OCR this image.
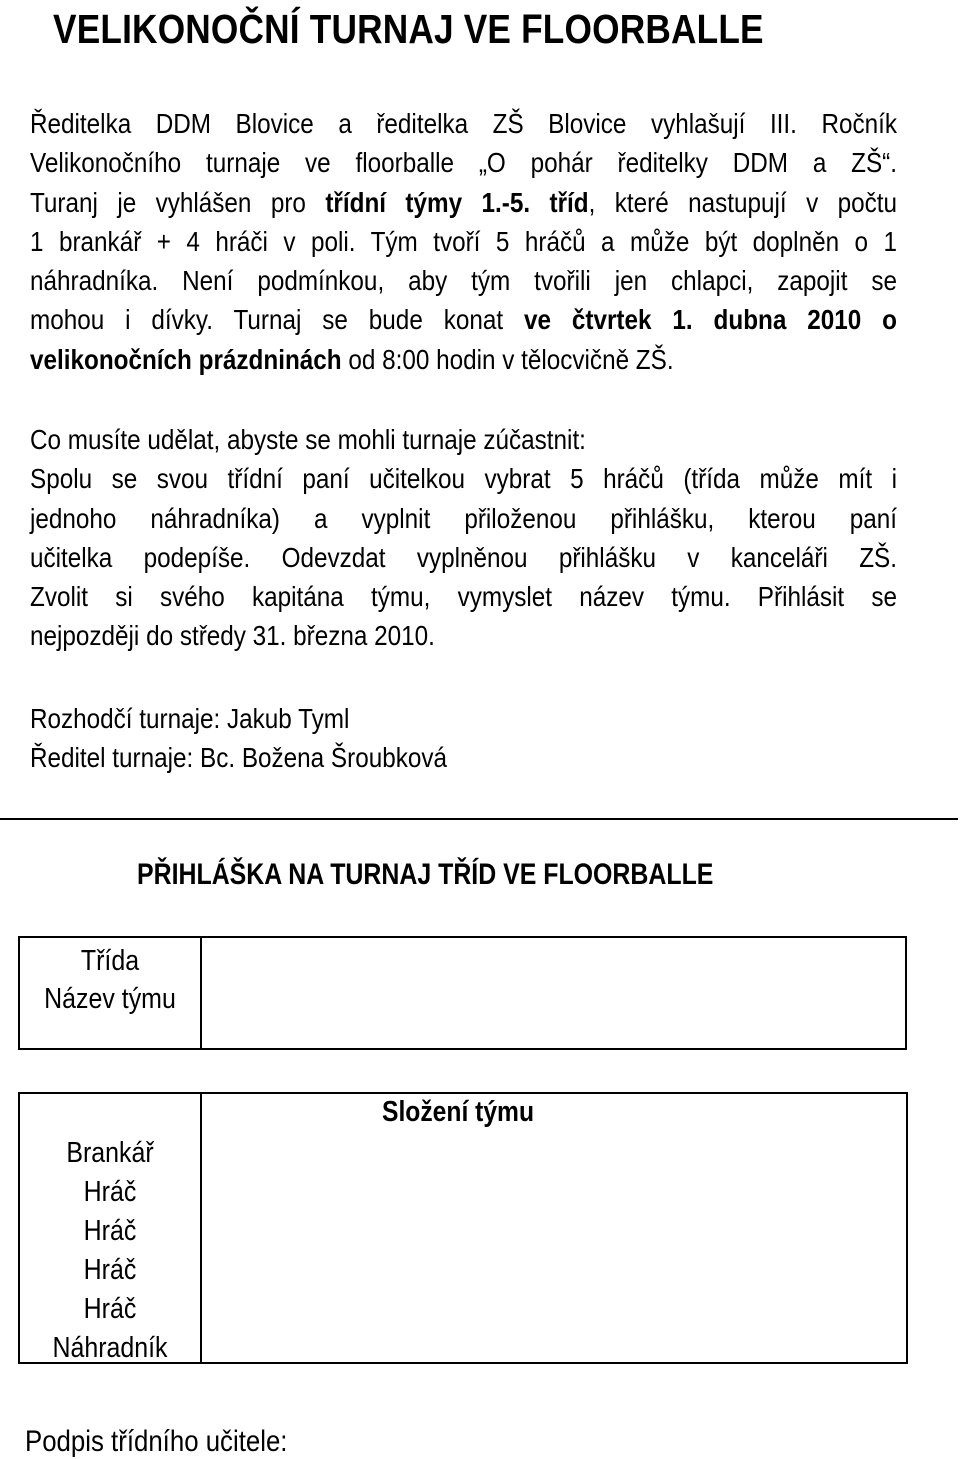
VELIKONOČNÍ TURNAJ VE FLOORBALLE
Ředitelka DDM Blovice a ředitelka ZŠ Blovice vyhlašují III. Ročník
Velikonočního turnaje ve floorballe „O pohár ředitelky DDM a ZŠ“.
Turanj je vyhlášen pro třídní týmy 1.-5. tříd, které nastupují v počtu
1 brankář + 4 hráči v poli. Tým tvoří 5 hráčů a může být doplněn o 1
náhradníka. Není podmínkou, aby tým tvořili jen chlapci, zapojit se
mohou i dívky. Turnaj se bude konat ve čtvrtek 1. dubna 2010 o
velikonočních prázdninách od 8:00 hodin v tělocvičně ZŠ.
Co musíte udělat, abyste se mohli turnaje zúčastnit:
Spolu se svou třídní paní učitelkou vybrat 5 hráčů (třída může mít i
jednoho náhradníka) a vyplnit přiloženou přihlášku, kterou paní
učitelka podepíše. Odevzdat vyplněnou přihlášku v kanceláři ZŠ.
Zvolit si svého kapitána týmu, vymyslet název týmu. Přihlásit se
nejpozději do středy 31. března 2010.
Rozhodčí turnaje: Jakub Tyml
Ředitel turnaje: Bc. Božena Šroubková
PŘIHLÁŠKA NA TURNAJ TŘÍD VE FLOORBALLE
Třída
Název týmu
Brankář
Hráč
Hráč
Hráč
Hráč
Náhradník
Složení týmu
Podpis třídního učitele:
